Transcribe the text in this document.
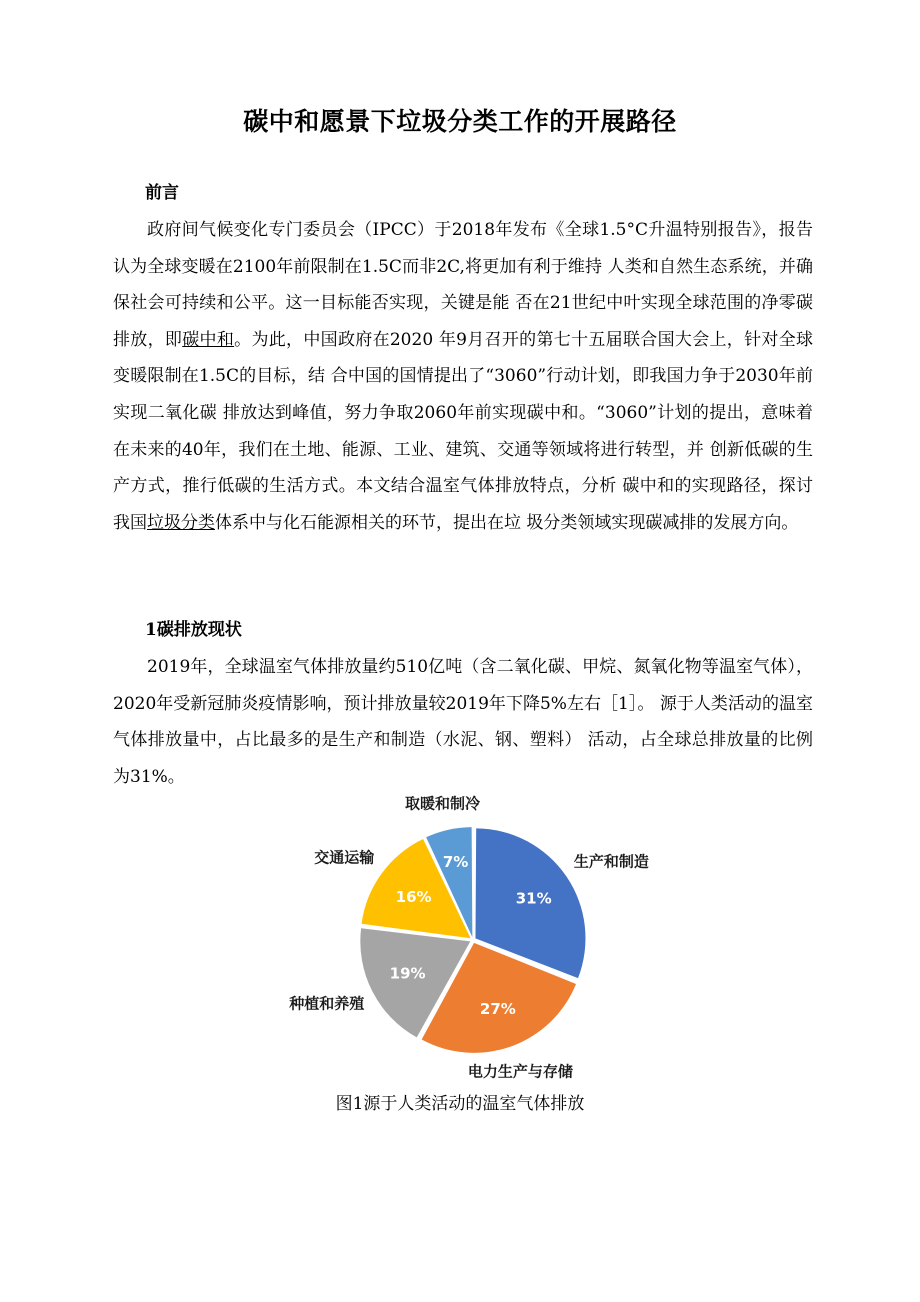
碳中和愿景下垃圾分类工作的开展路径
前言
政府间气候变化专门委员会（IPCC）于2018年发布《全球1.5°C升温特别报告》，报告认为全球变暖在2100年前限制在1.5C而非2C,将更加有利于维持 人类和自然生态系统，并确保社会可持续和公平。这一目标能否实现，关键是能 否在21世纪中叶实现全球范围的净零碳排放，即碳中和。为此，中国政府在2020 年9月召开的第七十五届联合国大会上，针对全球变暖限制在1.5C的目标，结 合中国的国情提出了“3060”行动计划，即我国力争于2030年前实现二氧化碳 排放达到峰值，努力争取2060年前实现碳中和。“3060”计划的提出，意味着 在未来的40年，我们在土地、能源、工业、建筑、交通等领域将进行转型，并 创新低碳的生产方式，推行低碳的生活方式。本文结合温室气体排放特点，分析 碳中和的实现路径，探讨我国垃圾分类体系中与化石能源相关的环节，提出在垃 圾分类领域实现碳减排的发展方向。
1碳排放现状
2019年，全球温室气体排放量约510亿吨（含二氧化碳、甲烷、氮氧化物等温室气体），2020年受新冠肺炎疫情影响，预计排放量较2019年下降5%左右［1］。 源于人类活动的温室气体排放量中，占比最多的是生产和制造（水泥、钢、塑料） 活动，占全球总排放量的比例为31%。
31%
生产和制造
27%
电力生产与存储
19%
种植和养殖
16%
交通运输	7%
取暖和制冷
图1源于人类活动的温室气体排放
